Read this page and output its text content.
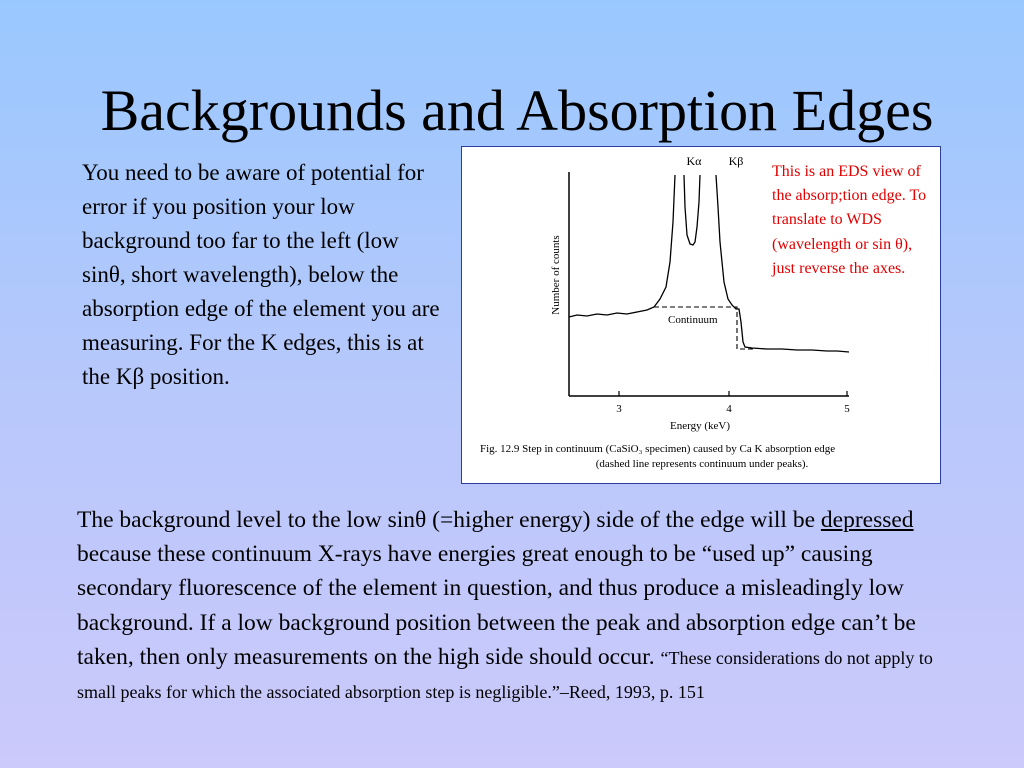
Backgrounds and Absorption Edges
You need to be aware of potential for error if you position your low background too far to the left (low sinθ, short wavelength), below the absorption edge of the element you are measuring. For the K edges, this is at the Kβ position.
Kα Kβ
Continuum
Number of counts
3	4	5
Energy (keV)
Fig. 12.9 Step in continuum (CaSiO₃ specimen) caused by Ca K absorption edge
(dashed line represents continuum under peaks).
This is an EDS view of the absorp;tion edge. To translate to WDS (wavelength or sin θ), just reverse the axes.
The background level to the low sinθ (=higher energy) side of the edge will be depressed because these continuum X-rays have energies great enough to be “used up” causing secondary fluorescence of the element in question, and thus produce a misleadingly low background. If a low background position between the peak and absorption edge can’t be taken, then only measurements on the high side should occur. “These considerations do not apply to small peaks for which the associated absorption step is negligible.”–Reed, 1993, p. 151
